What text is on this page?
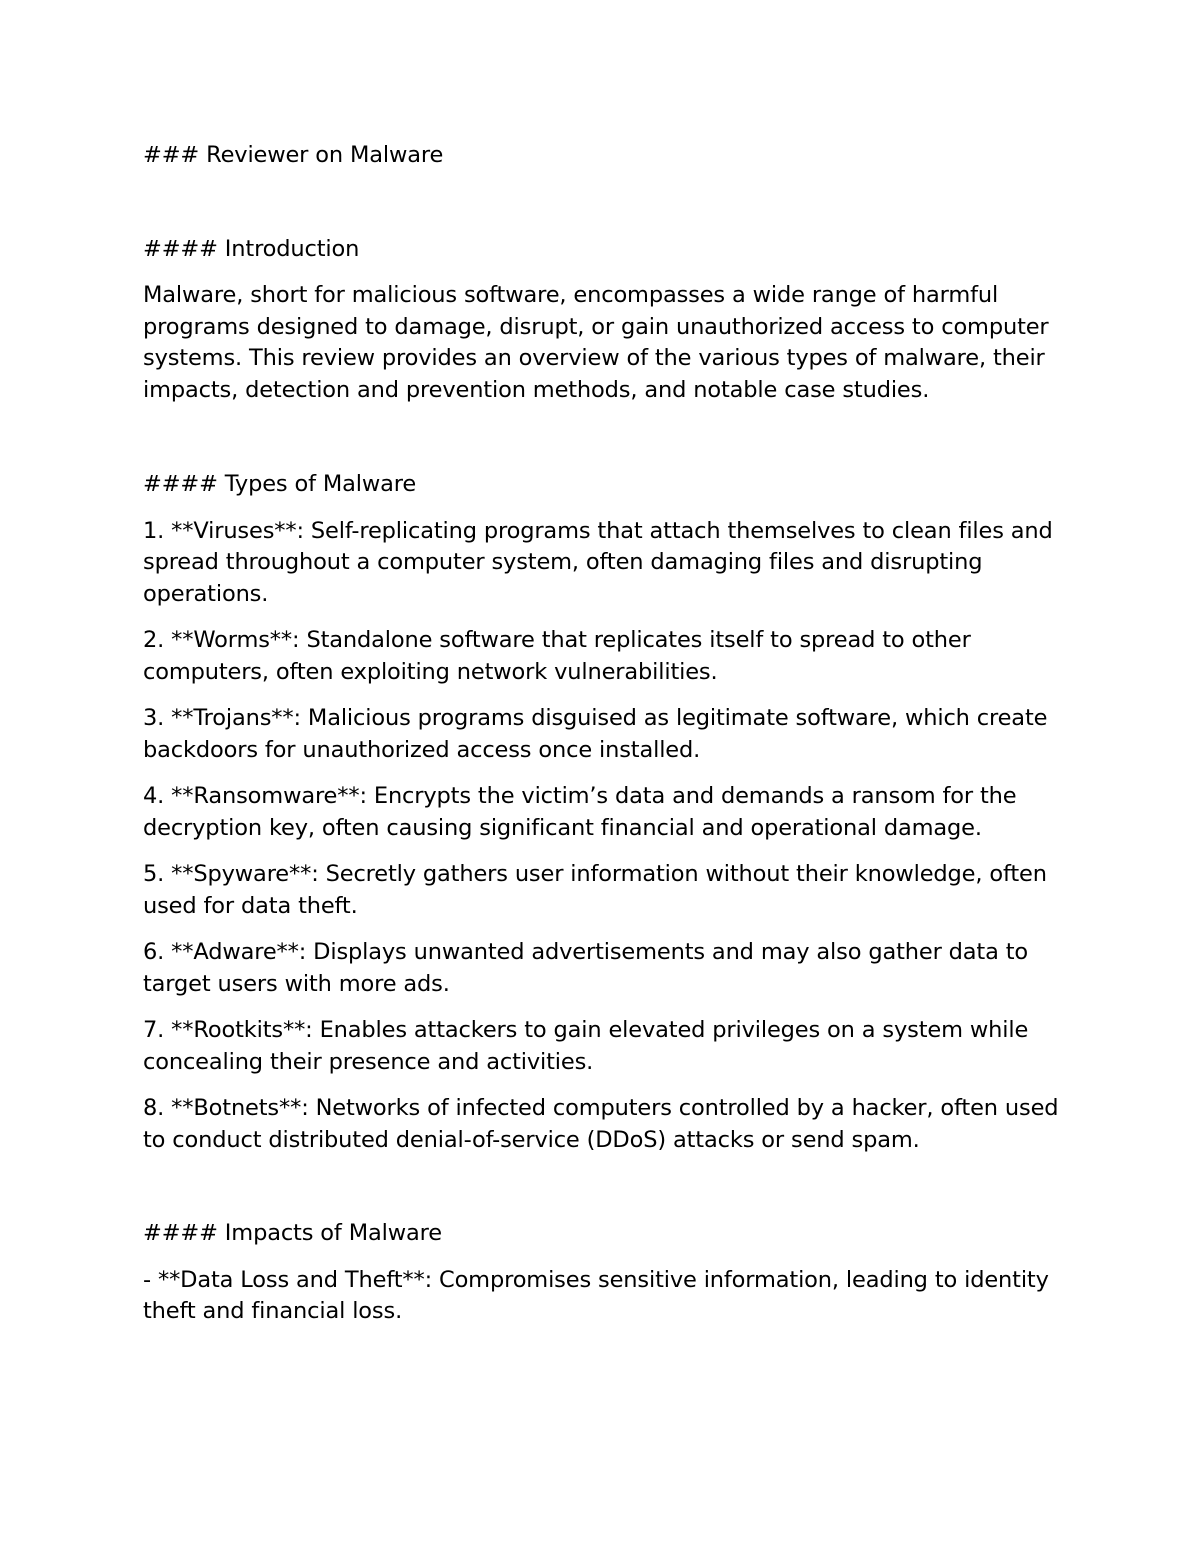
### Reviewer on Malware

#### Introduction

Malware, short for malicious software, encompasses a wide range of harmful programs designed to damage, disrupt, or gain unauthorized access to computer systems. This review provides an overview of the various types of malware, their impacts, detection and prevention methods, and notable case studies.

#### Types of Malware

1. **Viruses**: Self-replicating programs that attach themselves to clean files and spread throughout a computer system, often damaging files and disrupting operations.

2. **Worms**: Standalone software that replicates itself to spread to other computers, often exploiting network vulnerabilities.

3. **Trojans**: Malicious programs disguised as legitimate software, which create backdoors for unauthorized access once installed.

4. **Ransomware**: Encrypts the victim’s data and demands a ransom for the decryption key, often causing significant financial and operational damage.

5. **Spyware**: Secretly gathers user information without their knowledge, often used for data theft.

6. **Adware**: Displays unwanted advertisements and may also gather data to target users with more ads.

7. **Rootkits**: Enables attackers to gain elevated privileges on a system while concealing their presence and activities.

8. **Botnets**: Networks of infected computers controlled by a hacker, often used to conduct distributed denial-of-service (DDoS) attacks or send spam.

#### Impacts of Malware

- **Data Loss and Theft**: Compromises sensitive information, leading to identity theft and financial loss.
